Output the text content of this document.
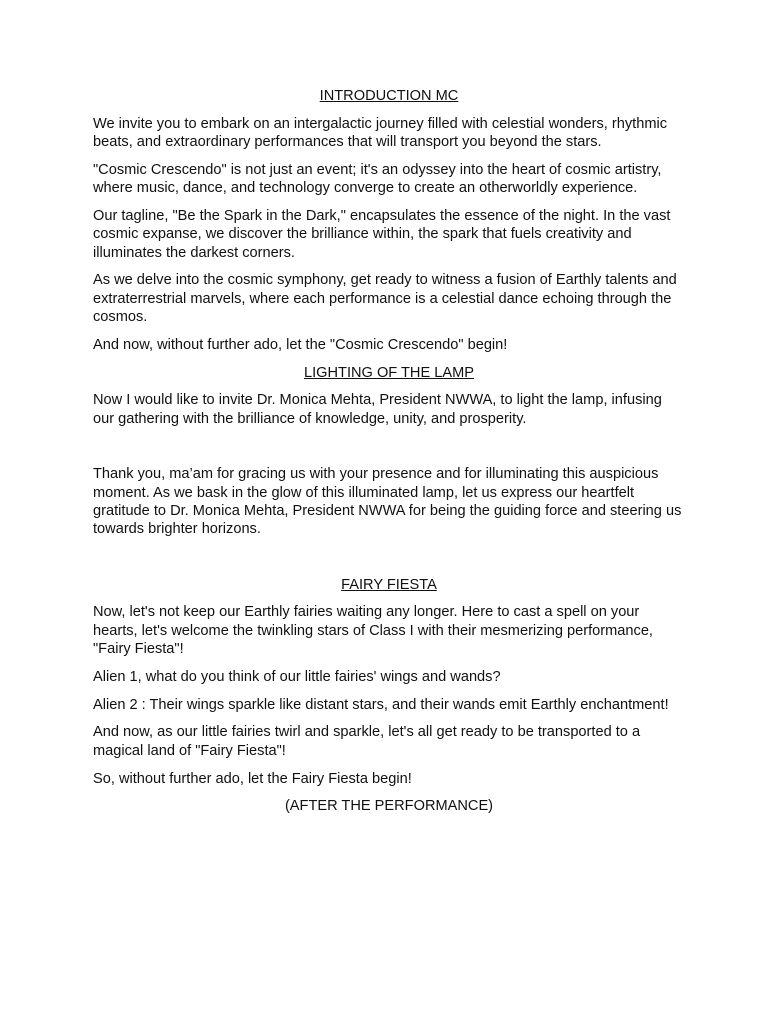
INTRODUCTION MC

We invite you to embark on an intergalactic journey filled with celestial wonders, rhythmic beats, and extraordinary performances that will transport you beyond the stars.

"Cosmic Crescendo" is not just an event; it's an odyssey into the heart of cosmic artistry, where music, dance, and technology converge to create an otherworldly experience.

Our tagline, "Be the Spark in the Dark," encapsulates the essence of the night. In the vast cosmic expanse, we discover the brilliance within, the spark that fuels creativity and illuminates the darkest corners.

As we delve into the cosmic symphony, get ready to witness a fusion of Earthly talents and extraterrestrial marvels, where each performance is a celestial dance echoing through the cosmos.

And now, without further ado, let the "Cosmic Crescendo" begin!

LIGHTING OF THE LAMP

Now I would like to invite Dr. Monica Mehta, President NWWA, to light the lamp, infusing our gathering with the brilliance of knowledge, unity, and prosperity.

Thank you, ma’am for gracing us with your presence and for illuminating this auspicious moment. As we bask in the glow of this illuminated lamp, let us express our heartfelt gratitude to Dr. Monica Mehta, President NWWA for being the guiding force and steering us towards brighter horizons.

FAIRY FIESTA

Now, let's not keep our Earthly fairies waiting any longer. Here to cast a spell on your hearts, let's welcome the twinkling stars of Class I with their mesmerizing performance, "Fairy Fiesta"!

Alien 1, what do you think of our little fairies' wings and wands?

Alien 2 : Their wings sparkle like distant stars, and their wands emit Earthly enchantment!

And now, as our little fairies twirl and sparkle, let's all get ready to be transported to a magical land of "Fairy Fiesta"!

So, without further ado, let the Fairy Fiesta begin!

(AFTER THE PERFORMANCE)
